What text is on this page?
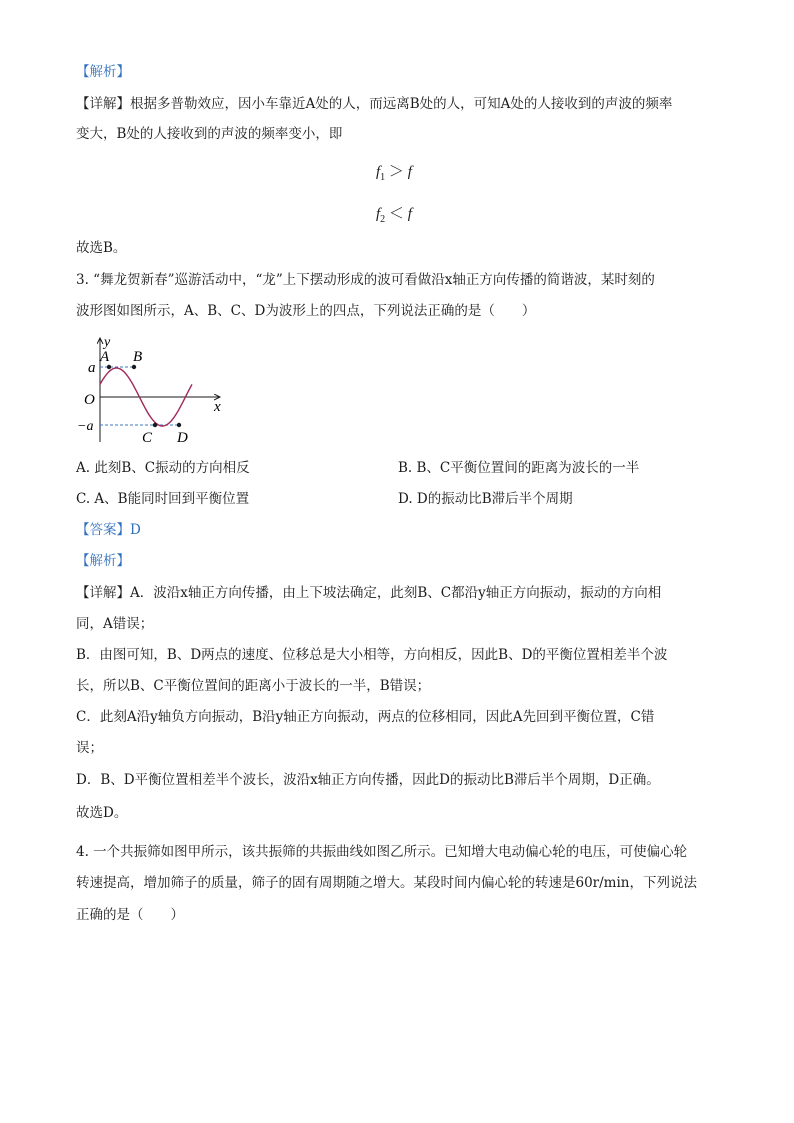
【解析】
【详解】根据多普勒效应，因小车靠近A处的人，而远离B处的人，可知A处的人接收到的声波的频率
变大，B处的人接收到的声波的频率变小，即
$f_1 > f$
$f_2 < f$
故选B。
3. “舞龙贺新春”巡游活动中，“龙”上下摆动形成的波可看做沿x轴正方向传播的简谐波，某时刻的
波形图如图所示，A、B、C、D为波形上的四点，下列说法正确的是（　　）
y
x
O
a
−a
A B
C D
A. 此刻B、C振动的方向相反	B. B、C平衡位置间的距离为波长的一半
C. A、B能同时回到平衡位置	D. D的振动比B滞后半个周期
【答案】D
【解析】
【详解】A．波沿x轴正方向传播，由上下坡法确定，此刻B、C都沿y轴正方向振动，振动的方向相
同，A错误；
B．由图可知，B、D两点的速度、位移总是大小相等，方向相反，因此B、D的平衡位置相差半个波
长，所以B、C平衡位置间的距离小于波长的一半，B错误；
C．此刻A沿y轴负方向振动，B沿y轴正方向振动，两点的位移相同，因此A先回到平衡位置，C错
误；
D．B、D平衡位置相差半个波长，波沿x轴正方向传播，因此D的振动比B滞后半个周期，D正确。
故选D。
4. 一个共振筛如图甲所示，该共振筛的共振曲线如图乙所示。已知增大电动偏心轮的电压，可使偏心轮
转速提高，增加筛子的质量，筛子的固有周期随之增大。某段时间内偏心轮的转速是60r/min，下列说法
正确的是（　　）
